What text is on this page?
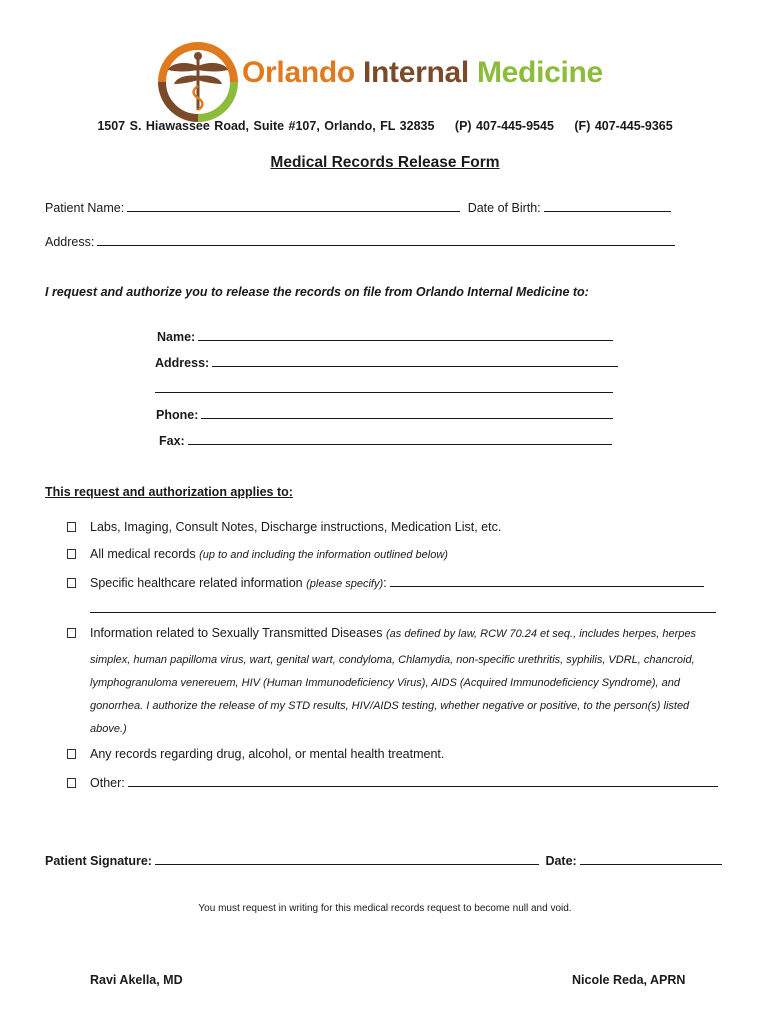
Orlando Internal Medicine
1507 S. Hiawassee Road, Suite #107, Orlando, FL 32835 (P) 407-445-9545 (F) 407-445-9365
Medical Records Release Form
Patient Name:	Date of Birth:
Address:
I request and authorize you to release the records on file from Orlando Internal Medicine to:
Name:
Address:
Phone:
Fax:
This request and authorization applies to:
Labs, Imaging, Consult Notes, Discharge instructions, Medication List, etc.
All medical records (up to and including the information outlined below)
Specific healthcare related information (please specify):
Information related to Sexually Transmitted Diseases (as defined by law, RCW 70.24 et seq., includes herpes, herpes
simplex, human papilloma virus, wart, genital wart, condyloma, Chlamydia, non-specific urethritis, syphilis, VDRL, chancroid,
lymphogranuloma venereuem, HIV (Human Immunodeficiency Virus), AIDS (Acquired Immunodeficiency Syndrome), and
gonorrhea. I authorize the release of my STD results, HIV/AIDS testing, whether negative or positive, to the person(s) listed
above.)
Any records regarding drug, alcohol, or mental health treatment.
Other:
Patient Signature:	Date:
You must request in writing for this medical records request to become null and void.
Ravi Akella, MD	Nicole Reda, APRN
